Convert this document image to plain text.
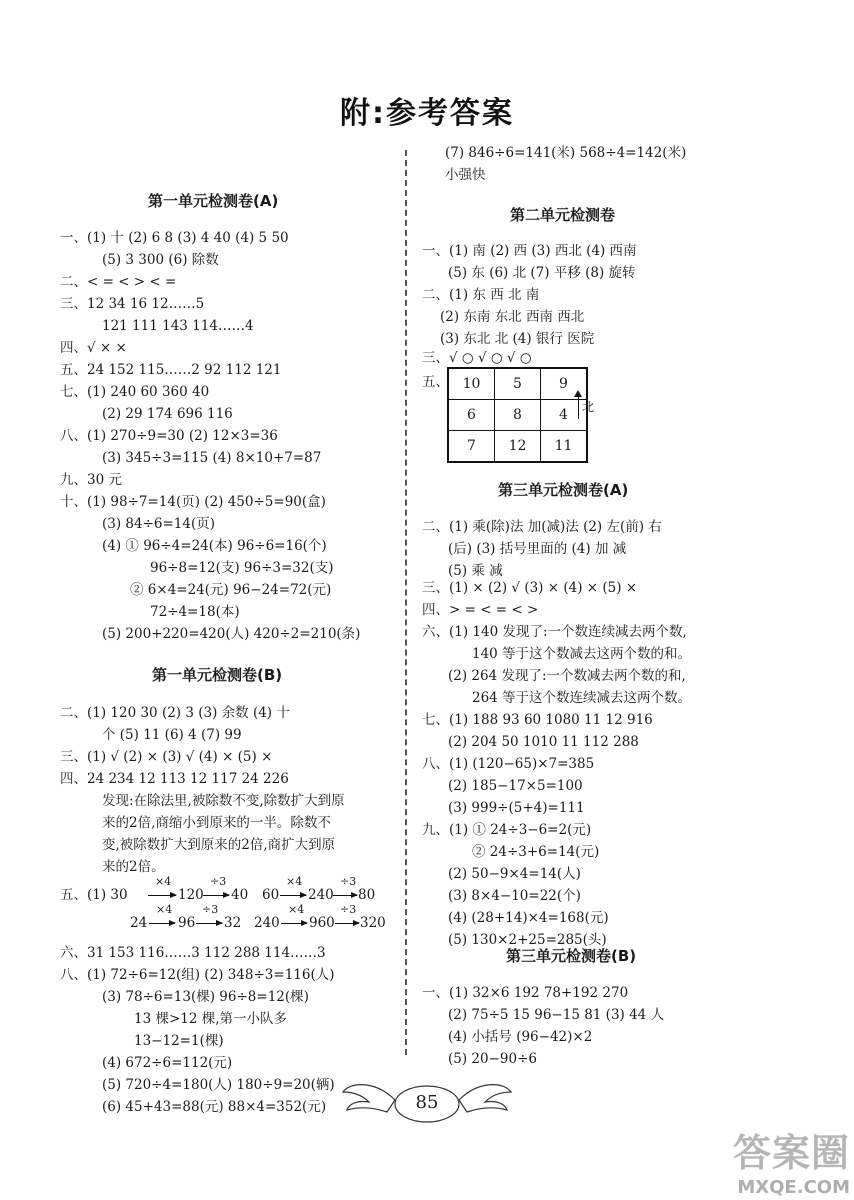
附:参考答案
第一单元检测卷(A)
一、(1) 十 (2) 6 8 (3) 4 40 (4) 5 50
(5) 3 300 (6) 除数
二、< = < > < =
三、12 34 16 12……5
121 111 143 114……4
四、√ × ×
五、24 152 115……2 92 112 121
七、(1) 240 60 360 40
(2) 29 174 696 116
八、(1) 270÷9=30 (2) 12×3=36
(3) 345÷3=115 (4) 8×10+7=87
九、30 元
十、(1) 98÷7=14(页) (2) 450÷5=90(盒)
(3) 84÷6=14(页)
(4) ① 96÷4=24(本) 96÷6=16(个)
96÷8=12(支) 96÷3=32(支)
② 6×4=24(元) 96−24=72(元)
72÷4=18(本)
(5) 200+220=420(人) 420÷2=210(条)
第一单元检测卷(B)
二、(1) 120 30 (2) 3 (3) 余数 (4) 十
个 (5) 11 (6) 4 (7) 99
三、(1) √ (2) × (3) √ (4) × (5) ×
四、24 234 12 113 12 117 24 226
发现:在除法里,被除数不变,除数扩大到原
来的2倍,商缩小到原来的一半。除数不
变,被除数扩大到原来的2倍,商扩大到原
来的2倍。
五、(1) 30
×4
120
÷3
40 60
×4
240
÷3
80
24
×4
96
÷3
32 240
×4
960
÷3
320
六、31 153 116……3 112 288 114……3
八、(1) 72÷6=12(组) (2) 348÷3=116(人)
(3) 78÷6=13(棵) 96÷8=12(棵)
13 棵>12 棵,第一小队多
13−12=1(棵)
(4) 672÷6=112(元)
(5) 720÷4=180(人) 180÷9=20(辆)
(6) 45+43=88(元) 88×4=352(元)
(7) 846÷6=141(米) 568÷4=142(米)
小强快
第二单元检测卷
一、(1) 南 (2) 西 (3) 西北 (4) 西南
(5) 东 (6) 北 (7) 平移 (8) 旋转
二、(1) 东 西 北 南
(2) 东南 东北 西南 西北
(3) 东北 北 (4) 银行 医院
三、√ ○ √ ○ √ ○
五、 10	5	9
6	8	4
7	12	11
北
第三单元检测卷(A)
二、(1) 乘(除)法 加(减)法 (2) 左(前) 右
(后) (3) 括号里面的 (4) 加 减
(5) 乘 减
三、(1) × (2) √ (3) × (4) × (5) ×
四、> = < = < >
六、(1) 140 发现了:一个数连续减去两个数,
140 等于这个数减去这两个数的和。
(2) 264 发现了:一个数减去两个数的和,
264 等于这个数连续减去这两个数。
七、(1) 188 93 60 1080 11 12 916
(2) 204 50 1010 11 112 288
八、(1) (120−65)×7=385
(2) 185−17×5=100
(3) 999÷(5+4)=111
九、(1) ① 24÷3−6=2(元)
② 24÷3+6=14(元)
(2) 50−9×4=14(人)
(3) 8×4−10=22(个)
(4) (28+14)×4=168(元)
(5) 130×2+25=285(头)
第三单元检测卷(B)
一、(1) 32×6 192 78+192 270
(2) 75÷5 15 96−15 81 (3) 44 人
(4) 小括号 (96−42)×2
(5) 20−90÷6
85
答案圈
MXQE.COM
